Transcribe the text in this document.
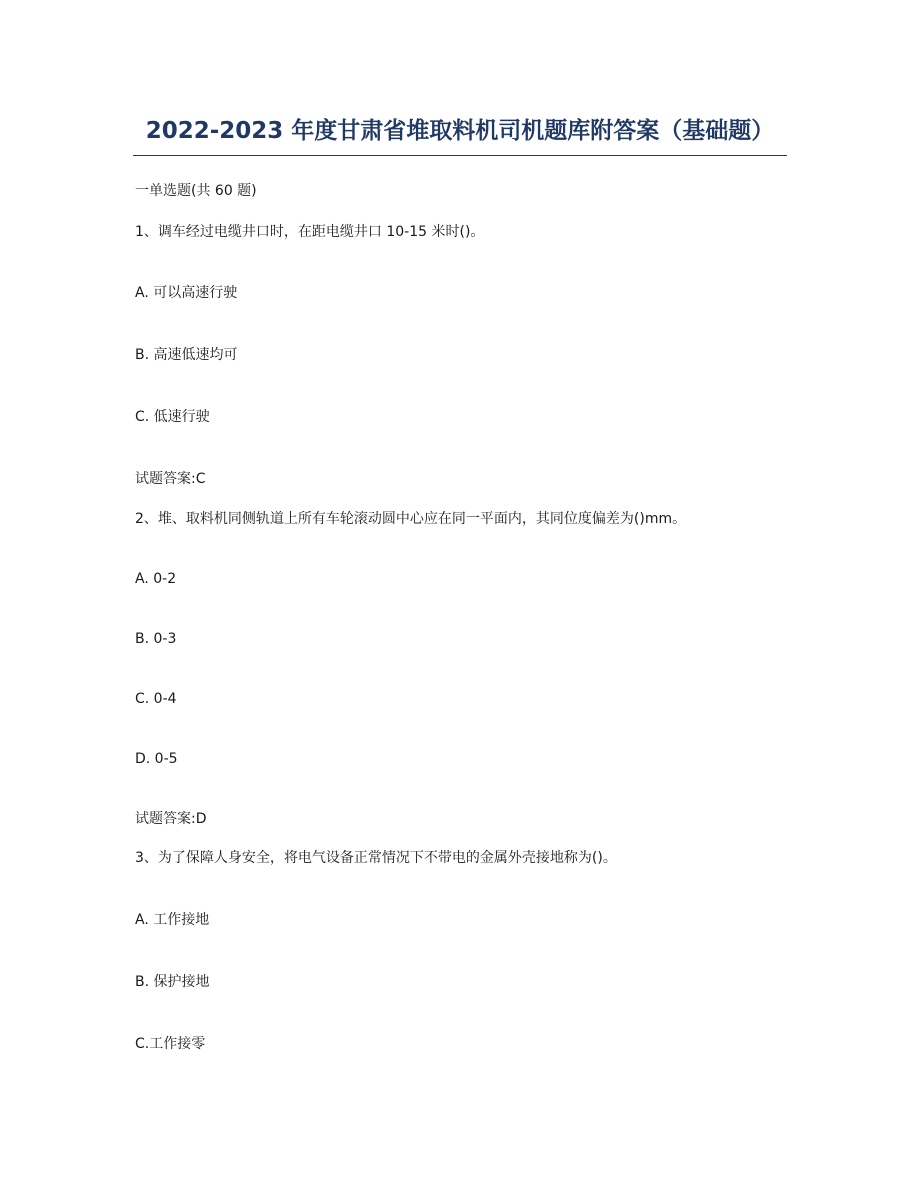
2022-2023 年度甘肃省堆取料机司机题库附答案（基础题）
一单选题(共 60 题)
1、调车经过电缆井口时，在距电缆井口 10-15 米时()。
A. 可以高速行驶
B. 高速低速均可
C. 低速行驶
试题答案:C
2、堆、取料机同侧轨道上所有车轮滚动圆中心应在同一平面内，其同位度偏差为()mm。
A. 0-2
B. 0-3
C. 0-4
D. 0-5
试题答案:D
3、为了保障人身安全，将电气设备正常情况下不带电的金属外壳接地称为()。
A. 工作接地
B. 保护接地
C.工作接零
